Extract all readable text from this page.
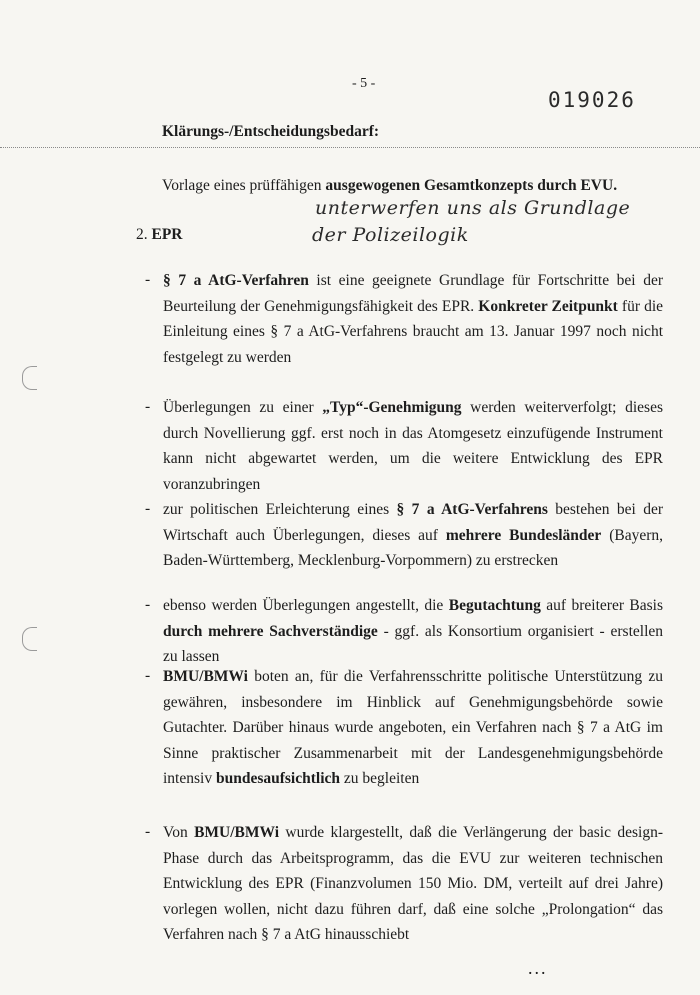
- 5 -
019026
Klärungs-/Entscheidungsbedarf:
Vorlage eines prüffähigen ausgewogenen Gesamtkonzepts durch EVU.
unterwerfen uns als Grundlage
der Polizeilogik
2. EPR
- § 7 a AtG-Verfahren ist eine geeignete Grundlage für Fortschritte bei der Beurteilung der Genehmigungsfähigkeit des EPR. Konkreter Zeitpunkt für die Einleitung eines § 7 a AtG-Verfahrens braucht am 13. Januar 1997 noch nicht festgelegt zu werden
- Überlegungen zu einer „Typ“-Genehmigung werden weiterverfolgt; dieses durch Novellierung ggf. erst noch in das Atomgesetz einzufügende Instrument kann nicht abgewartet werden, um die weitere Entwicklung des EPR voranzubringen
- zur politischen Erleichterung eines § 7 a AtG-Verfahrens bestehen bei der Wirtschaft auch Überlegungen, dieses auf mehrere Bundesländer (Bayern, Baden-Württemberg, Mecklenburg-Vorpommern) zu erstrecken
- ebenso werden Überlegungen angestellt, die Begutachtung auf breiterer Basis durch mehrere Sachverständige - ggf. als Konsortium organisiert - erstellen zu lassen
- BMU/BMWi boten an, für die Verfahrensschritte politische Unterstützung zu gewähren, insbesondere im Hinblick auf Genehmigungsbehörde sowie Gutachter. Darüber hinaus wurde angeboten, ein Verfahren nach § 7 a AtG im Sinne praktischer Zusammenarbeit mit der Landesgenehmigungsbehörde intensiv bundesaufsichtlich zu begleiten
- Von BMU/BMWi wurde klargestellt, daß die Verlängerung der basic design-Phase durch das Arbeitsprogramm, das die EVU zur weiteren technischen Entwicklung des EPR (Finanzvolumen 150 Mio. DM, verteilt auf drei Jahre) vorlegen wollen, nicht dazu führen darf, daß eine solche „Prolongation“ das Verfahren nach § 7 a AtG hinausschiebt
...
